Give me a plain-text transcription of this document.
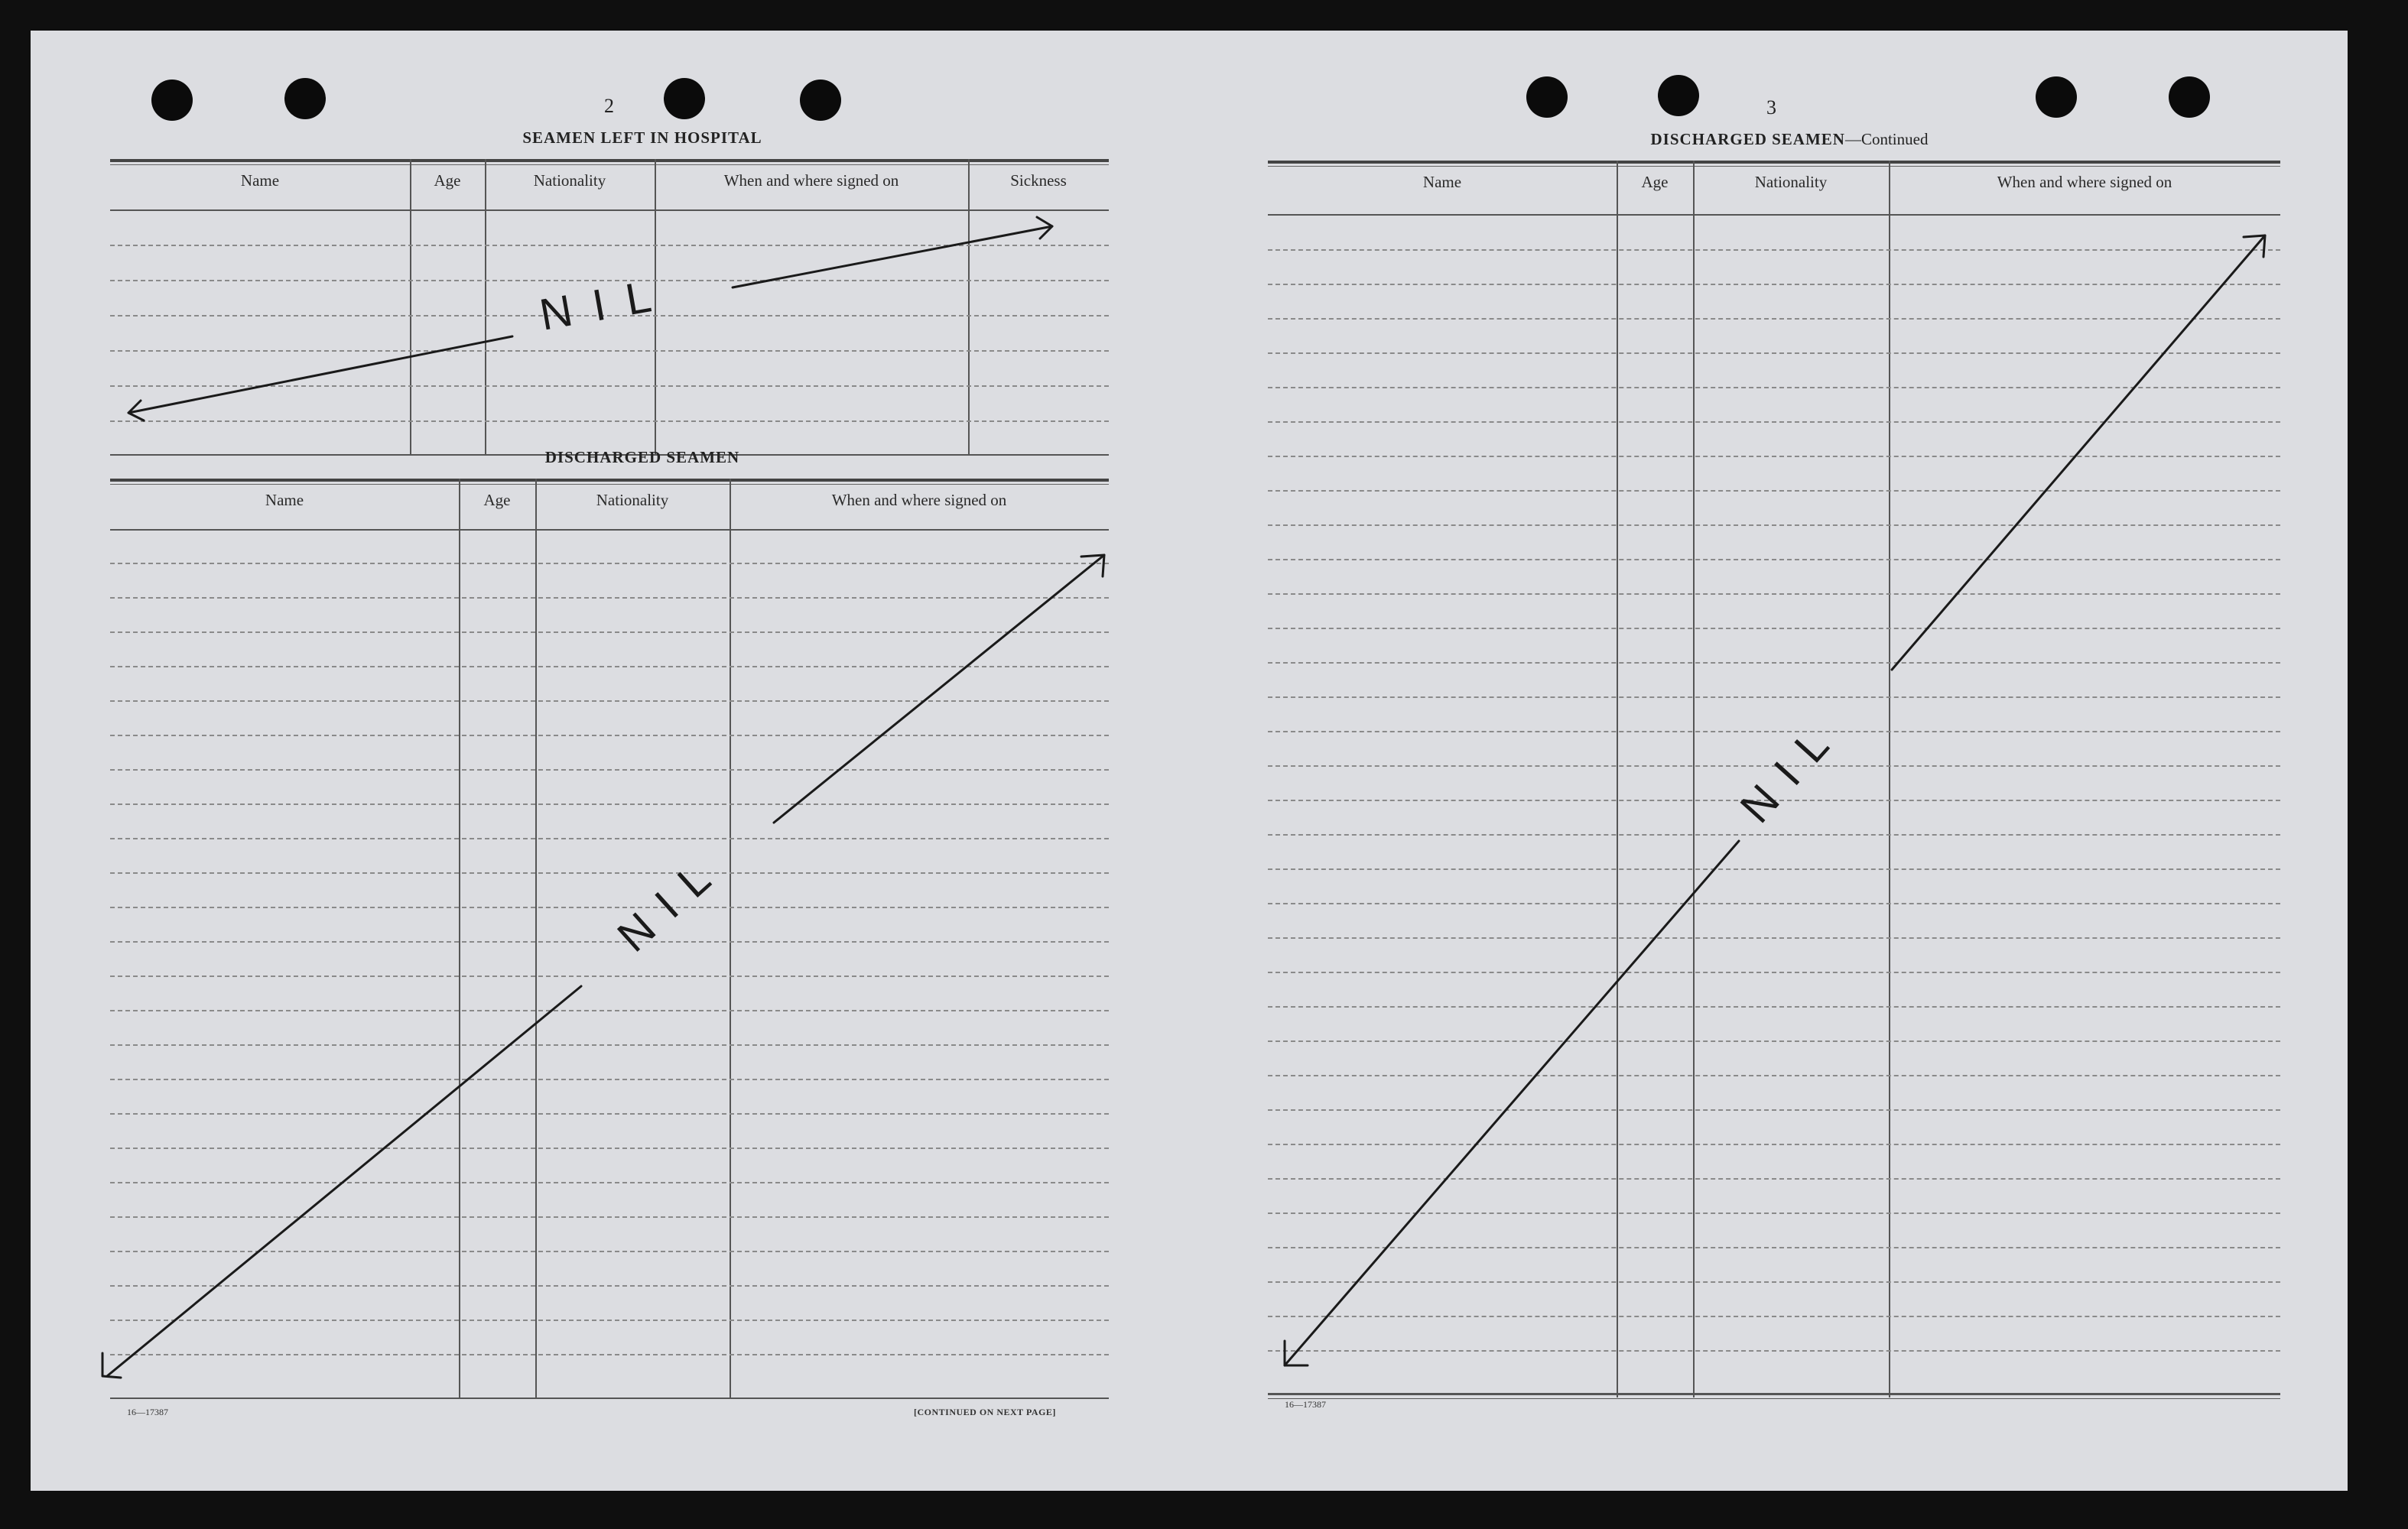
2
SEAMEN LEFT IN HOSPITAL
Name	Age	Nationality	When and where signed on	Sickness
DISCHARGED SEAMEN
Name	Age	Nationality	When and where signed on
16—17387	[CONTINUED ON NEXT PAGE]
3
DISCHARGED SEAMEN—Continued
Name	Age	Nationality	When and where signed on
16—17387
NIL
NIL
NIL
